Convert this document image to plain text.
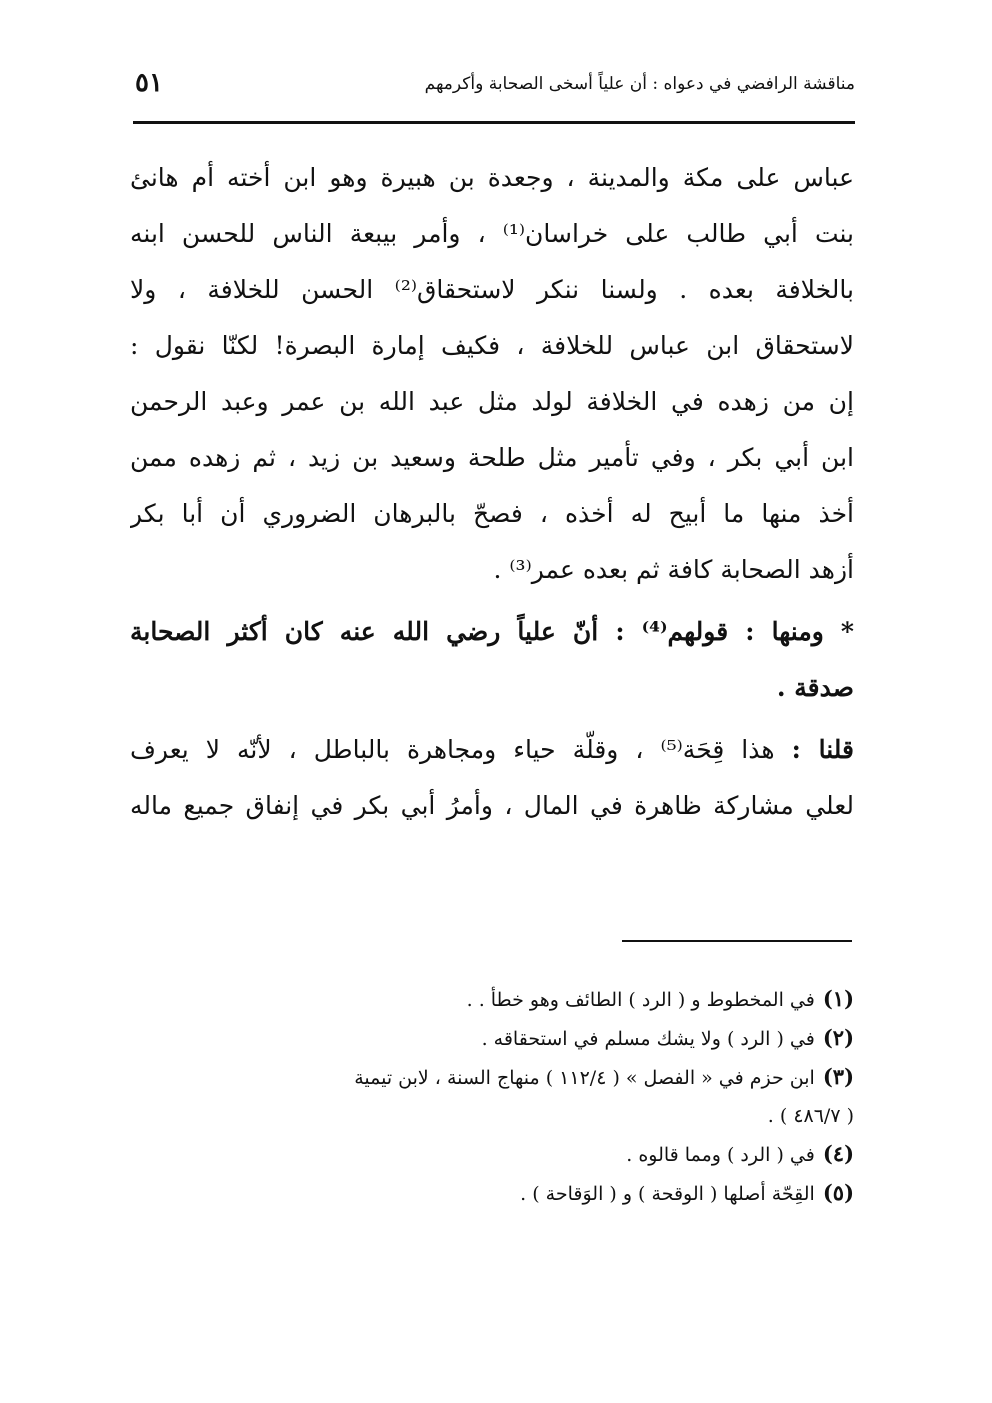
مناقشة الرافضي في دعواه : أن علياً أسخى الصحابة وأكرمهم
٥١
عباس على مكة والمدينة ، وجعدة بن هبيرة وهو ابن أخته أم هانئ
بنت أبي طالب على خراسان⁽¹⁾ ، وأمر بيبعة الناس للحسن ابنه
بالخلافة بعده . ولسنا ننكر لاستحقاق⁽²⁾ الحسن للخلافة ، ولا
لاستحقاق ابن عباس للخلافة ، فكيف إمارة البصرة! لكنّا نقول :
إن من زهده في الخلافة لولد مثل عبد الله بن عمر وعبد الرحمن
ابن أبي بكر ، وفي تأمير مثل طلحة وسعيد بن زيد ، ثم زهده ممن
أخذ منها ما أبيح له أخذه ، فصحّ بالبرهان الضروري أن أبا بكر
أزهد الصحابة كافة ثم بعده عمر⁽³⁾ .
* ومنها : قولهم⁽⁴⁾ : أنّ علياً رضي الله عنه كان أكثر الصحابة
صدقة .
قلنا : هذا قِحَة⁽⁵⁾ ، وقلّة حياء ومجاهرة بالباطل ، لأنّه لا يعرف
لعلي مشاركة ظاهرة في المال ، وأمرُ أبي بكر في إنفاق جميع ماله
(١)في المخطوط و ( الرد ) الطائف وهو خطأ . .
(٢)في ( الرد ) ولا يشك مسلم في استحقاقه .
(٣)ابن حزم في « الفصل » ( ١١٢/٤ ) منهاج السنة ، لابن تيمية
( ٤٨٦/٧ ) .
(٤)في ( الرد ) ومما قالوه .
(٥)القِحّة أصلها ( الوقحة ) و ( الوَقاحة ) .
